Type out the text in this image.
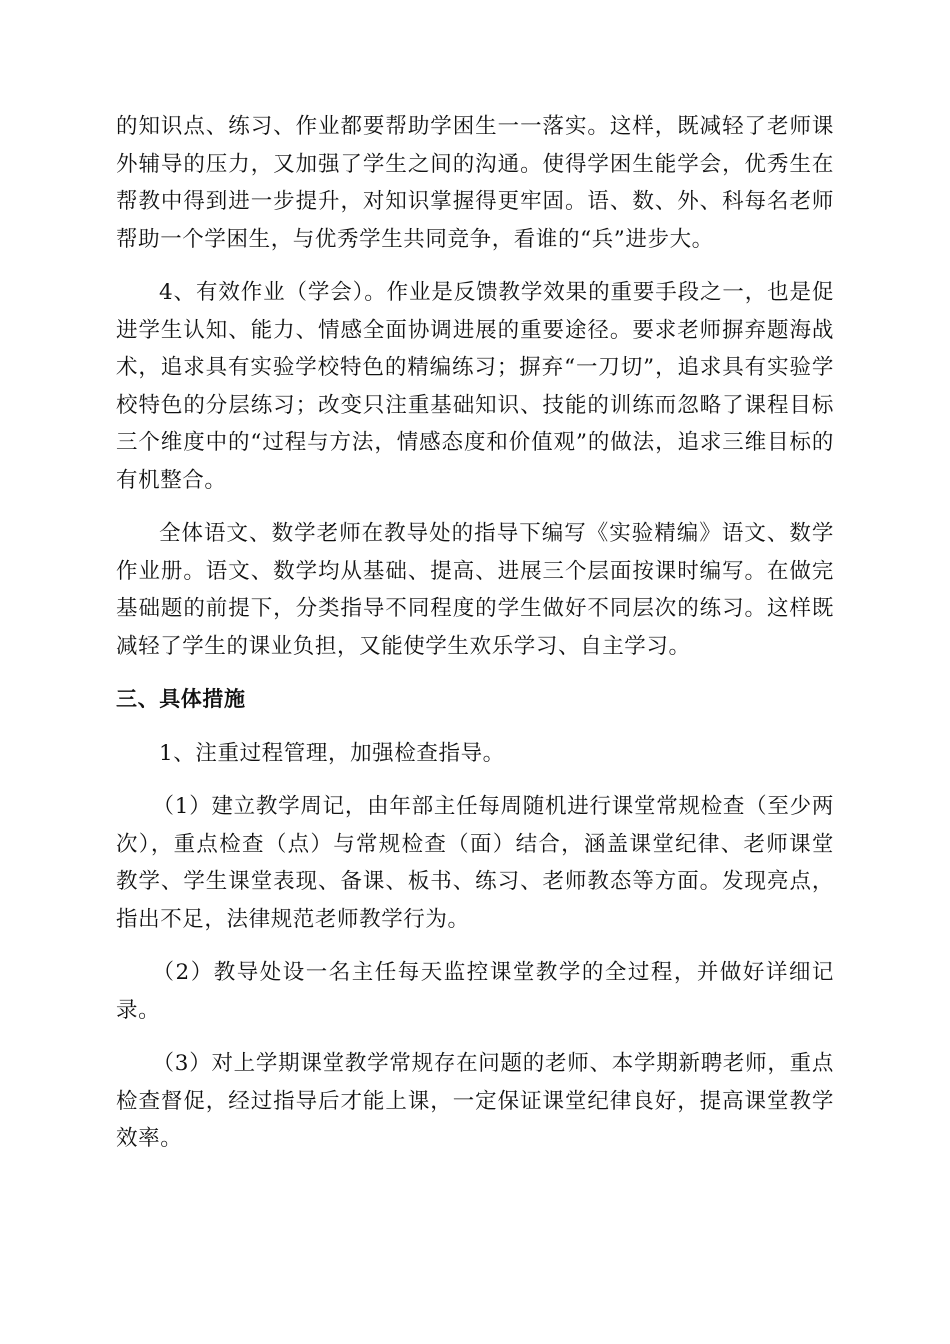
的知识点、练习、作业都要帮助学困生一一落实。这样，既减轻了老师课外辅导的压力，又加强了学生之间的沟通。使得学困生能学会，优秀生在帮教中得到进一步提升，对知识掌握得更牢固。语、数、外、科每名老师帮助一个学困生，与优秀学生共同竞争，看谁的“兵”进步大。

4、有效作业（学会）。作业是反馈教学效果的重要手段之一，也是促进学生认知、能力、情感全面协调进展的重要途径。要求老师摒弃题海战术，追求具有实验学校特色的精编练习；摒弃“一刀切”，追求具有实验学校特色的分层练习；改变只注重基础知识、技能的训练而忽略了课程目标三个维度中的“过程与方法，情感态度和价值观”的做法，追求三维目标的有机整合。

全体语文、数学老师在教导处的指导下编写《实验精编》语文、数学作业册。语文、数学均从基础、提高、进展三个层面按课时编写。在做完基础题的前提下，分类指导不同程度的学生做好不同层次的练习。这样既减轻了学生的课业负担，又能使学生欢乐学习、自主学习。

三、具体措施

1、注重过程管理，加强检查指导。

（1）建立教学周记，由年部主任每周随机进行课堂常规检查（至少两次），重点检查（点）与常规检查（面）结合，涵盖课堂纪律、老师课堂教学、学生课堂表现、备课、板书、练习、老师教态等方面。发现亮点，指出不足，法律规范老师教学行为。

（2）教导处设一名主任每天监控课堂教学的全过程，并做好详细记录。

（3）对上学期课堂教学常规存在问题的老师、本学期新聘老师，重点检查督促，经过指导后才能上课，一定保证课堂纪律良好，提高课堂教学效率。
